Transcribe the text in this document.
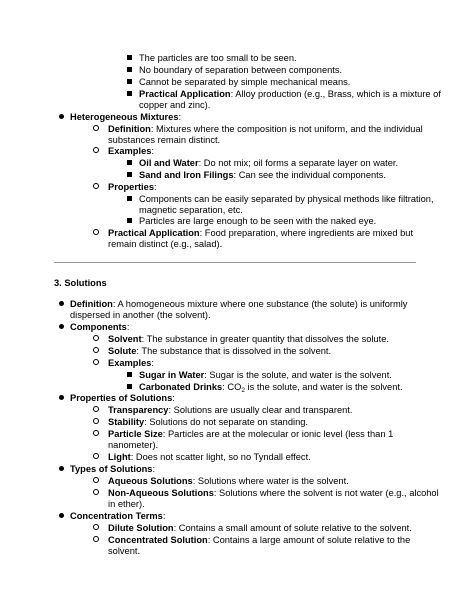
The particles are too small to be seen.
No boundary of separation between components.
Cannot be separated by simple mechanical means.
Practical Application: Alloy production (e.g., Brass, which is a mixture of
copper and zinc).
Heterogeneous Mixtures:
Definition: Mixtures where the composition is not uniform, and the individual
substances remain distinct.
Examples:
Oil and Water: Do not mix; oil forms a separate layer on water.
Sand and Iron Filings: Can see the individual components.
Properties:
Components can be easily separated by physical methods like filtration,
magnetic separation, etc.
Particles are large enough to be seen with the naked eye.
Practical Application: Food preparation, where ingredients are mixed but
remain distinct (e.g., salad).
3. Solutions
Definition: A homogeneous mixture where one substance (the solute) is uniformly
dispersed in another (the solvent).
Components:
Solvent: The substance in greater quantity that dissolves the solute.
Solute: The substance that is dissolved in the solvent.
Examples:
Sugar in Water: Sugar is the solute, and water is the solvent.
Carbonated Drinks: $CO_2$ is the solute, and water is the solvent.
Properties of Solutions:
Transparency: Solutions are usually clear and transparent.
Stability: Solutions do not separate on standing.
Particle Size: Particles are at the molecular or ionic level (less than 1
nanometer).
Light: Does not scatter light, so no Tyndall effect.
Types of Solutions:
Aqueous Solutions: Solutions where water is the solvent.
Non-Aqueous Solutions: Solutions where the solvent is not water (e.g., alcohol
in ether).
Concentration Terms:
Dilute Solution: Contains a small amount of solute relative to the solvent.
Concentrated Solution: Contains a large amount of solute relative to the
solvent.
